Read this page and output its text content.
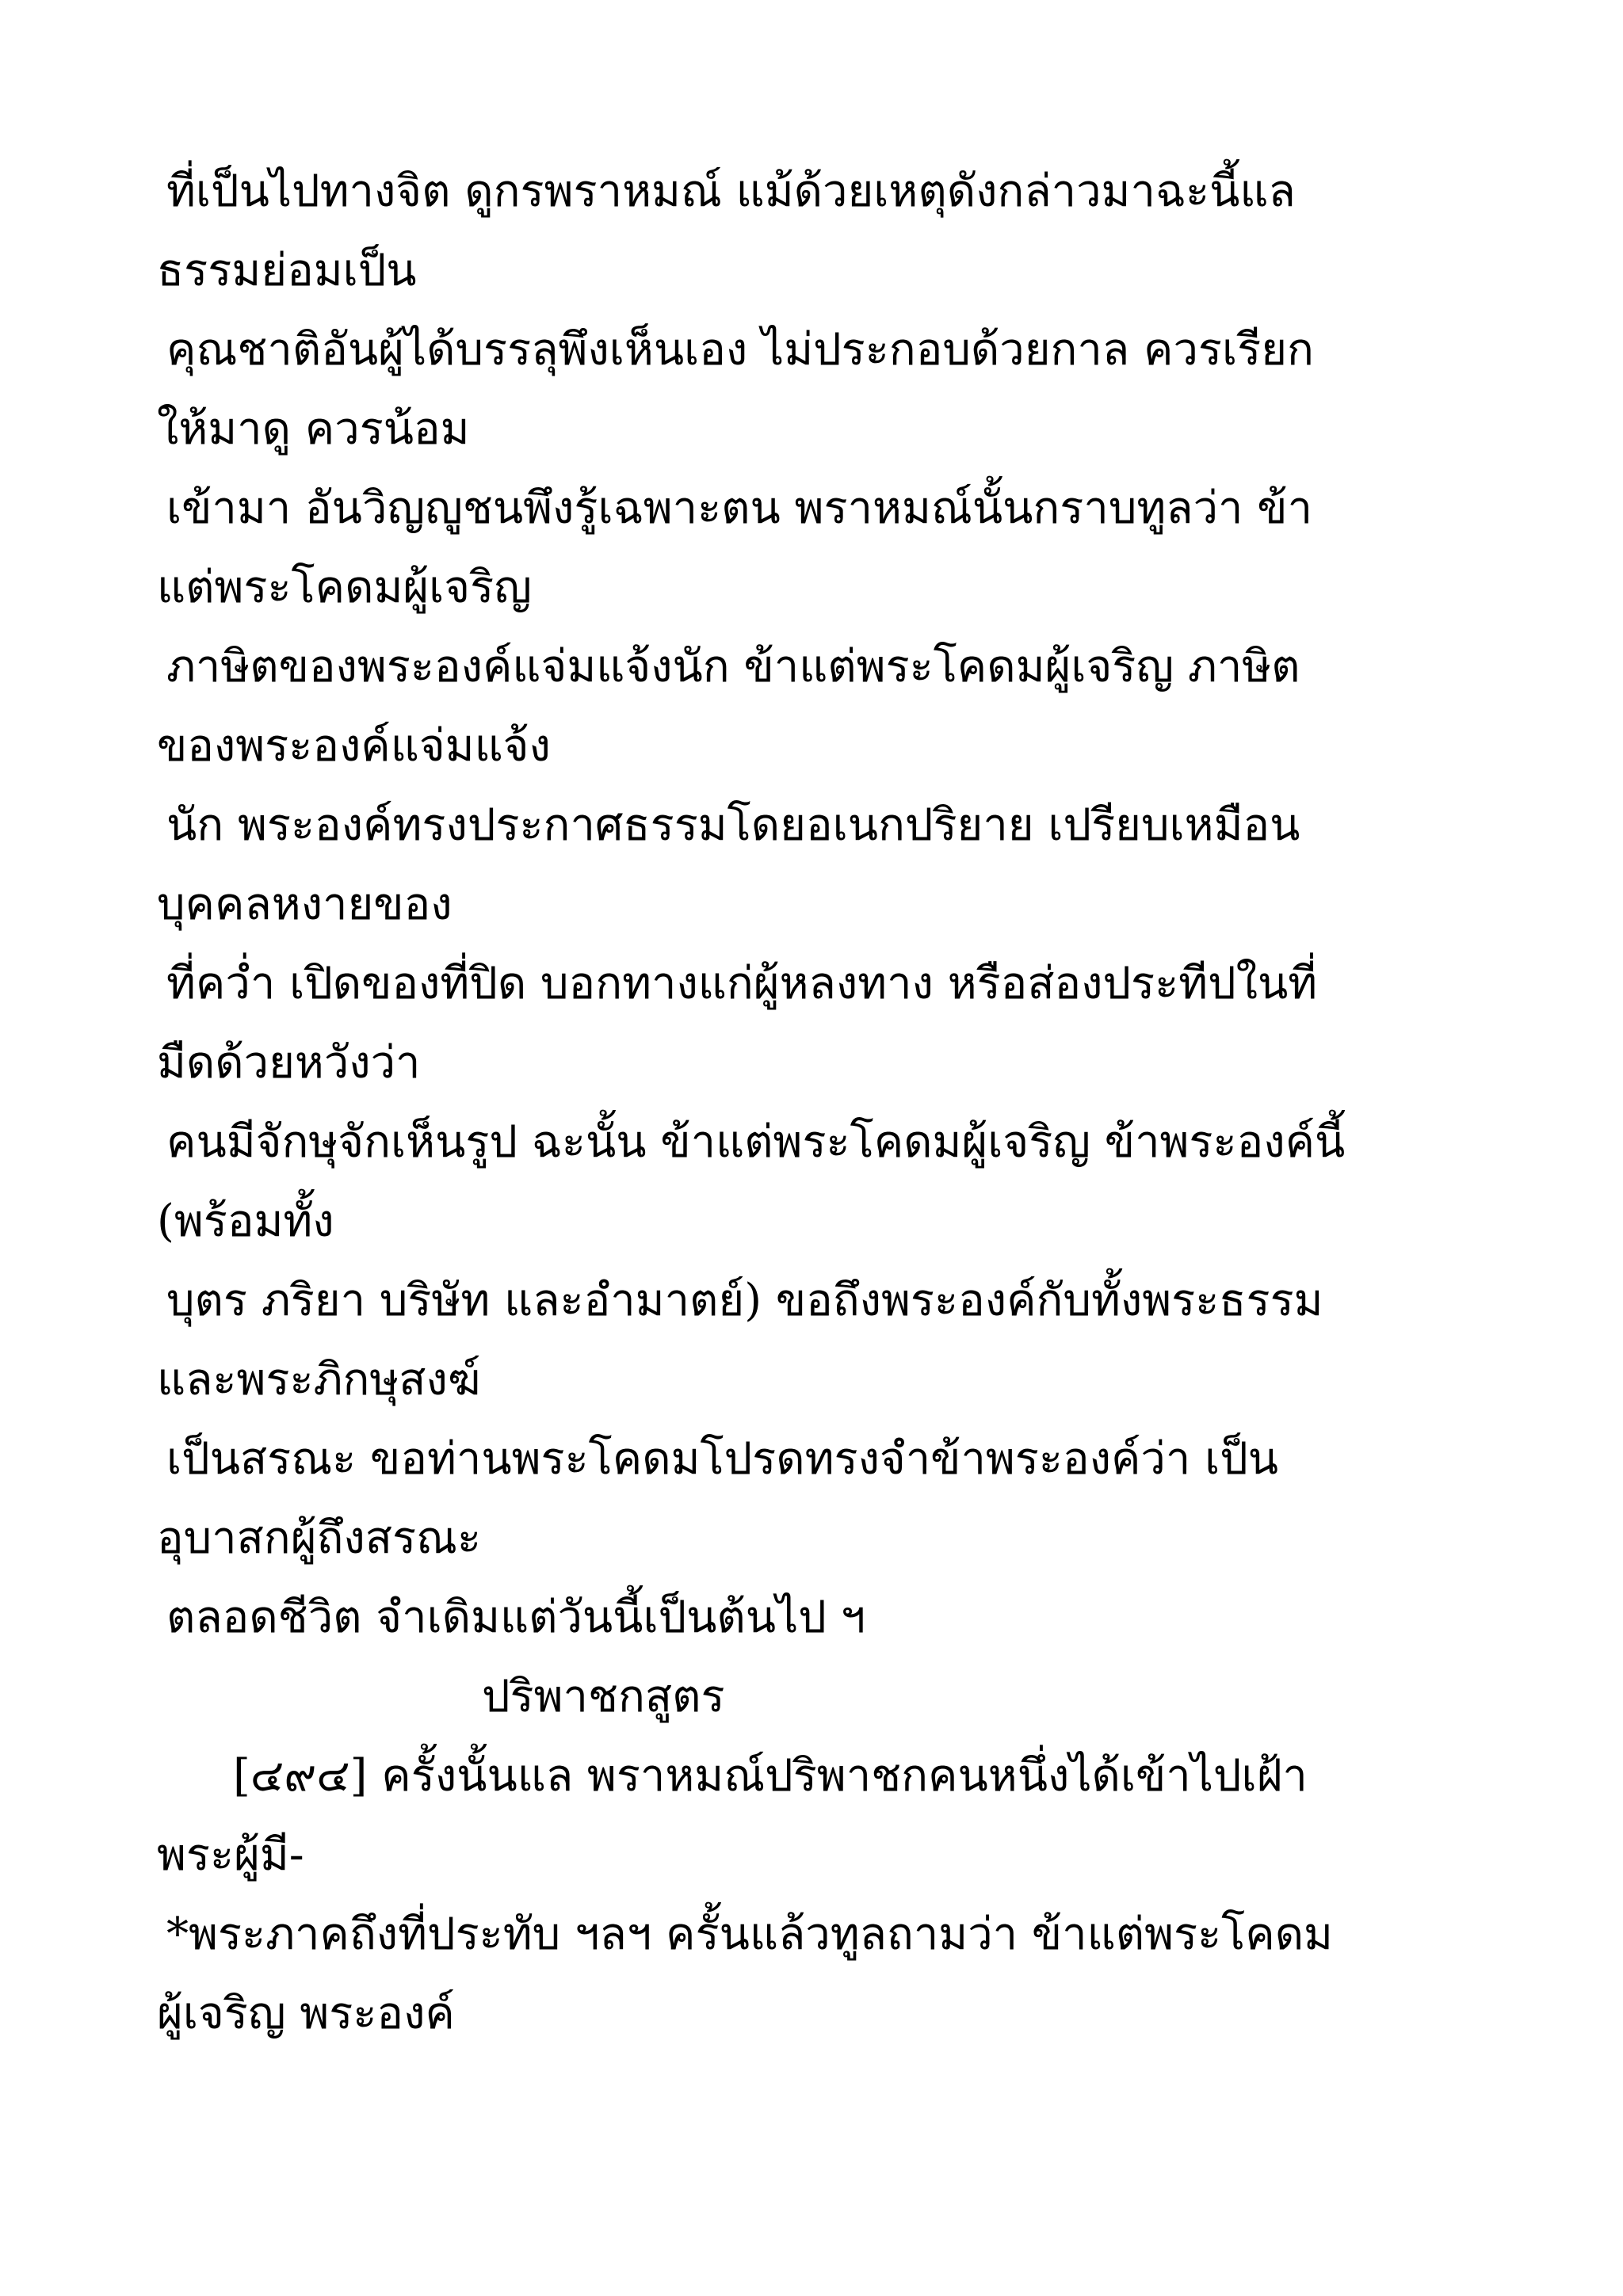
ที่เป็นไปทางจิต ดูกรพราหมณ์ แม้ด้วยเหตุดังกล่าวมาฉะนี้แล
ธรรมย่อมเป็น
คุณชาติอันผู้ได้บรรลุพึงเห็นเอง ไม่ประกอบด้วยกาล ควรเรียก
ให้มาดู ควรน้อม
เข้ามา อันวิญญูชนพึงรู้เฉพาะตน พราหมณ์นั้นกราบทูลว่า ข้า
แต่พระโคดมผู้เจริญ
ภาษิตของพระองค์แจ่มแจ้งนัก ข้าแต่พระโคดมผู้เจริญ ภาษิต
ของพระองค์แจ่มแจ้ง
นัก พระองค์ทรงประกาศธรรมโดยอเนกปริยาย เปรียบเหมือน
บุคคลหงายของ
ที่คว่ำ เปิดของที่ปิด บอกทางแก่ผู้หลงทาง หรือส่องประทีปในที่
มืดด้วยหวังว่า
คนมีจักษุจักเห็นรูป ฉะนั้น ข้าแต่พระโคดมผู้เจริญ ข้าพระองค์นี้
(พร้อมทั้ง
บุตร ภริยา บริษัท และอำมาตย์) ขอถึงพระองค์กับทั้งพระธรรม
และพระภิกษุสงฆ์
เป็นสรณะ ขอท่านพระโคดมโปรดทรงจำข้าพระองค์ว่า เป็น
อุบาสกผู้ถึงสรณะ
ตลอดชีวิต จำเดิมแต่วันนี้เป็นต้นไป ฯ
ปริพาชกสูตร
[๔๙๔] ครั้งนั้นแล พราหมณ์ปริพาชกคนหนึ่งได้เข้าไปเฝ้า
พระผู้มี-
*พระภาคถึงที่ประทับ ฯลฯ ครั้นแล้วทูลถามว่า ข้าแต่พระโคดม
ผู้เจริญ พระองค์
